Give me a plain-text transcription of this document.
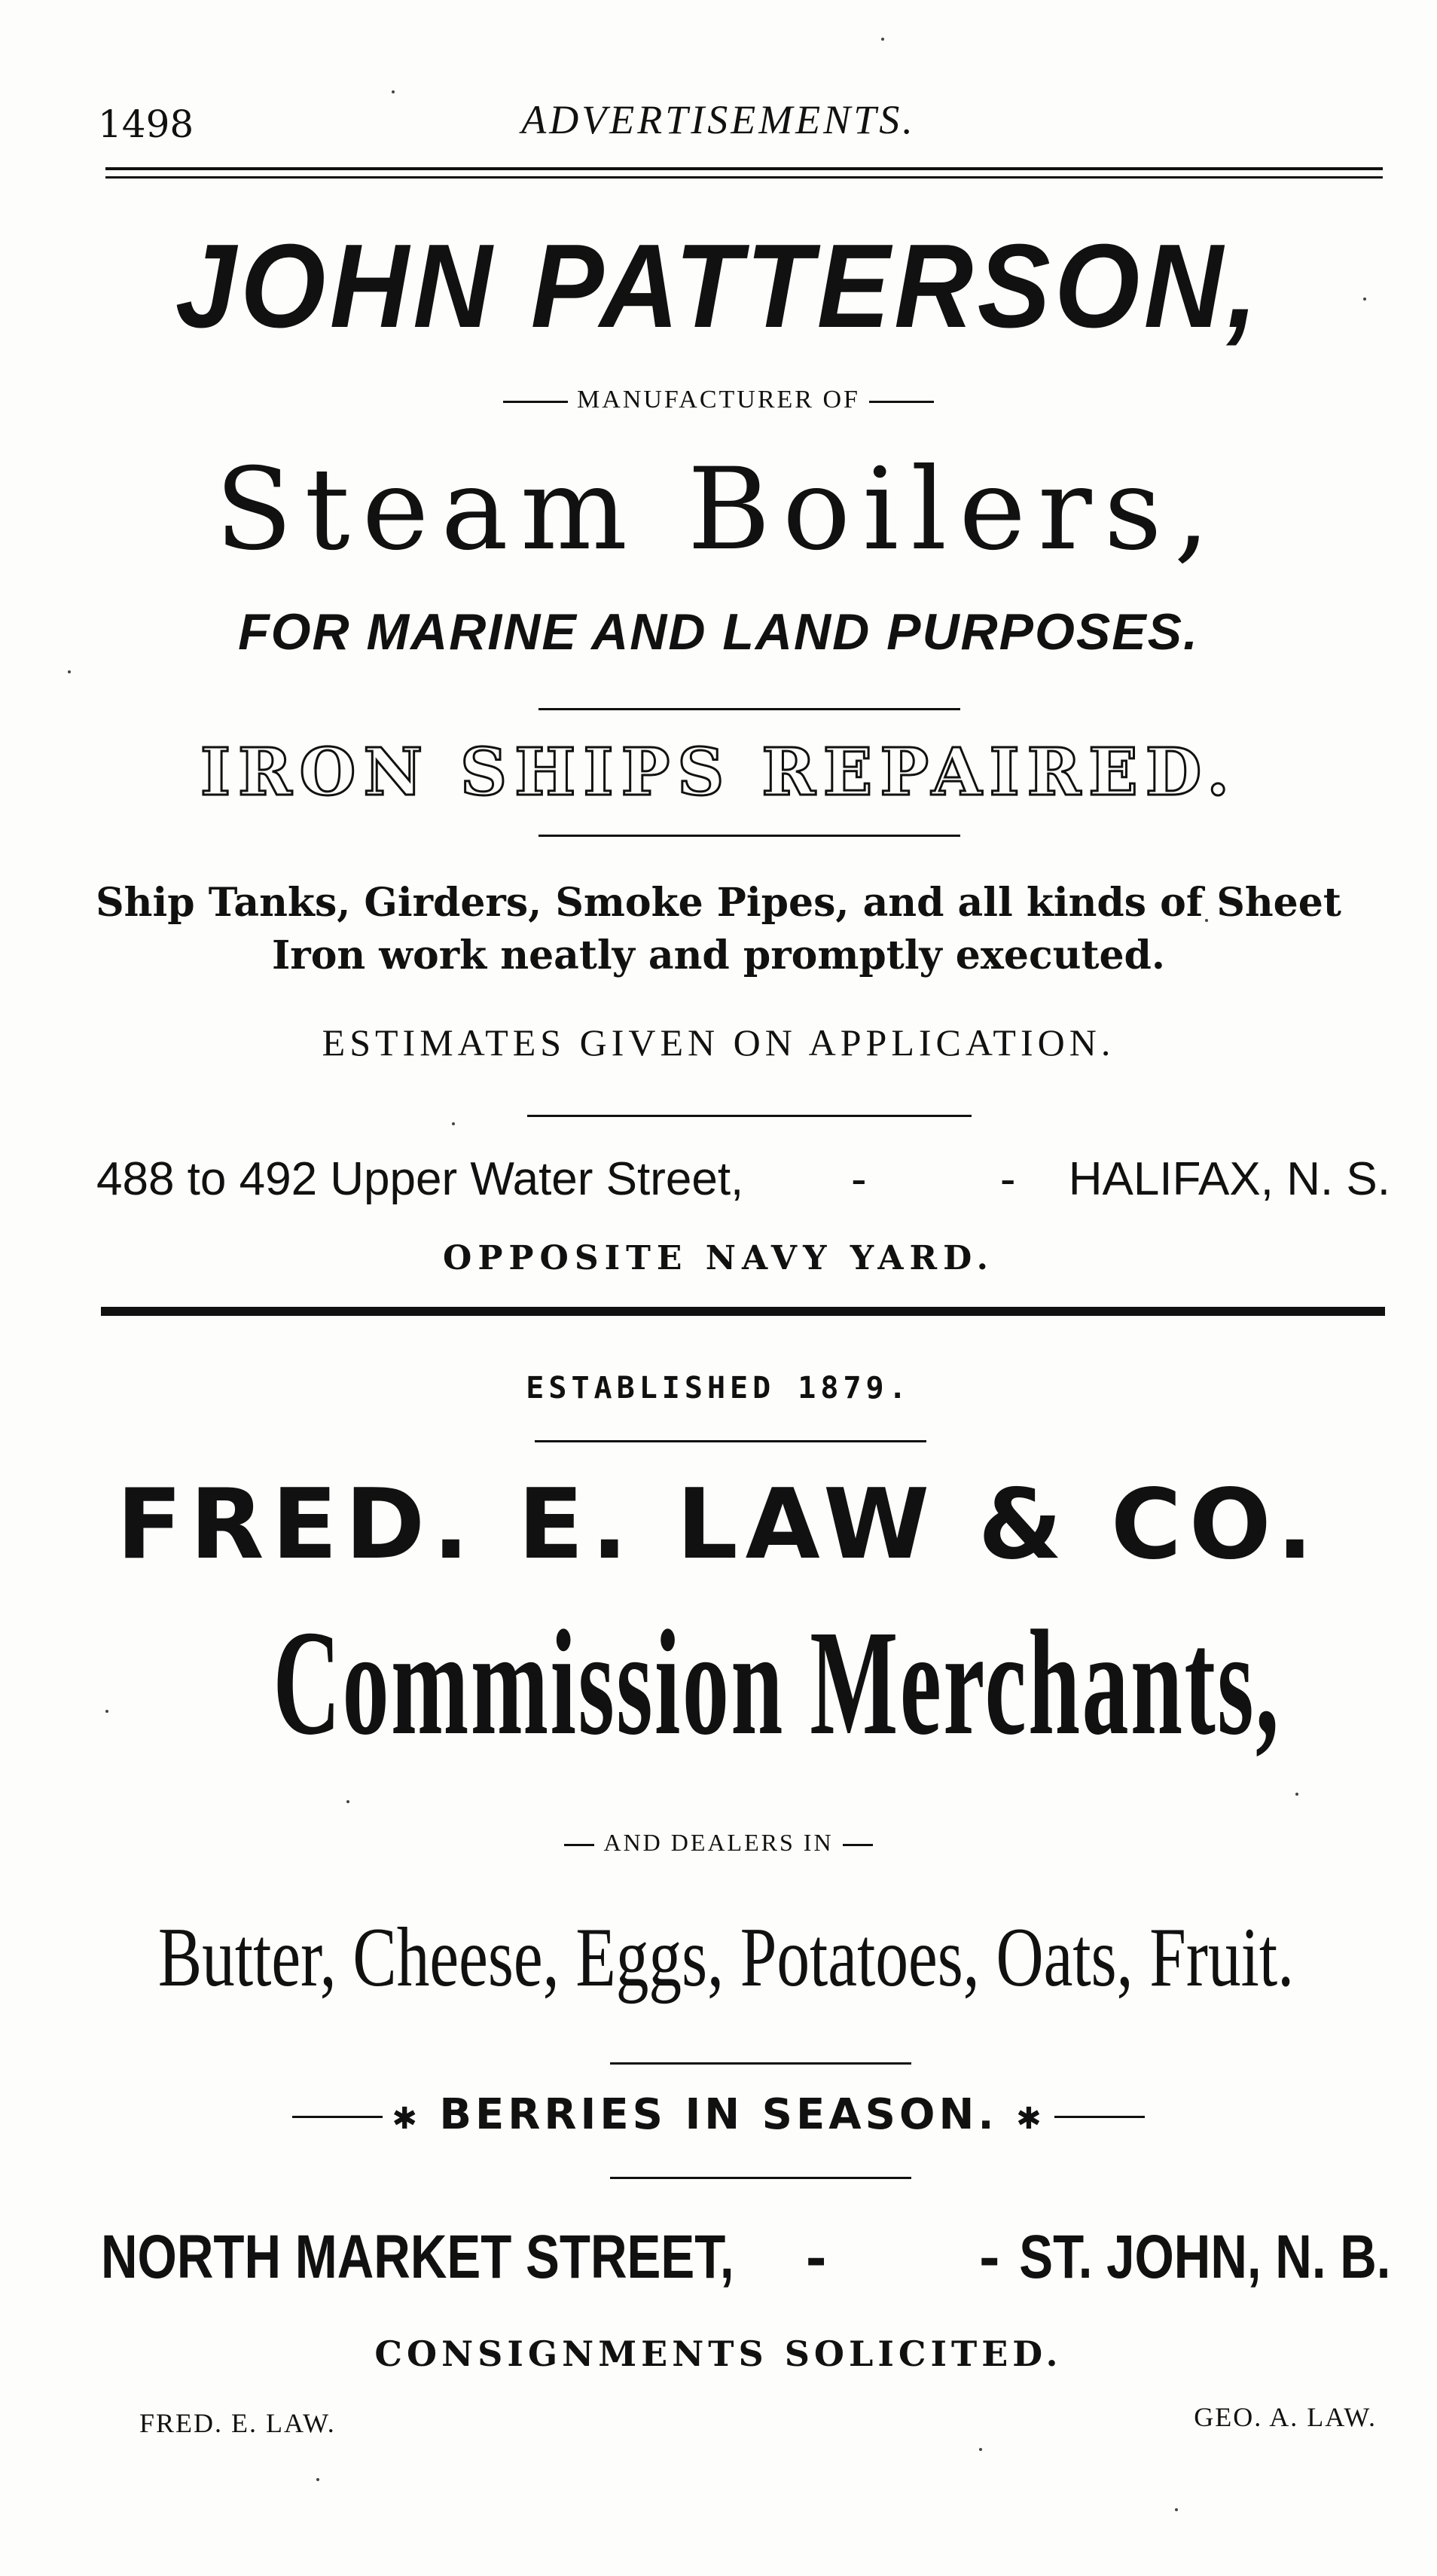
1498	ADVERTISEMENTS.
JOHN PATTERSON,
MANUFACTURER OF
Steam Boilers,
FOR MARINE AND LAND PURPOSES.
IRON SHIPS REPAIRED.
Ship Tanks, Girders, Smoke Pipes, and all kinds of Sheet
Iron work neatly and promptly executed.
ESTIMATES GIVEN ON APPLICATION.
488 to 492 Upper Water Street, - -
HALIFAX, N. S.
OPPOSITE NAVY YARD.
ESTABLISHED 1879.
FRED. E. LAW & CO.
Commission Merchants,
AND DEALERS IN
Butter, Cheese, Eggs, Potatoes, Oats, Fruit.
✱ BERRIES IN SEASON. ✱
NORTH MARKET STREET, - -
ST. JOHN, N. B.
CONSIGNMENTS SOLICITED.
FRED. E. LAW.	GEO. A. LAW.
